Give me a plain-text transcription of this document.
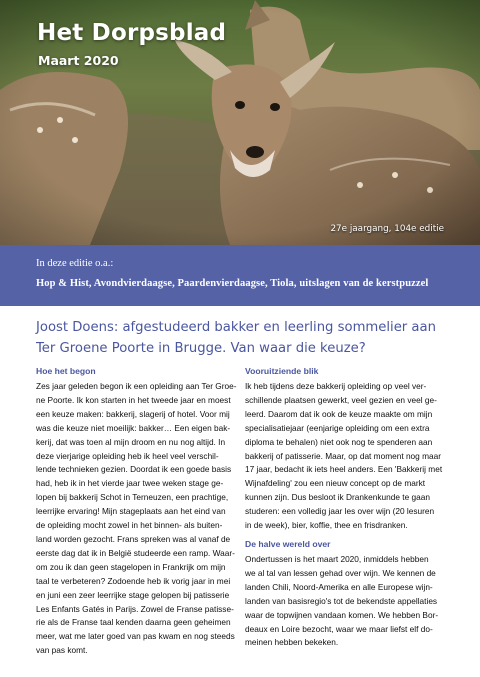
Het Dorpsblad
Maart 2020
27e jaargang, 104e editie
In deze editie o.a.:
Hop & Hist, Avondvierdaagse, Paardenvierdaagse, Tiola, uitslagen van de kerstpuzzel
Joost Doens: afgestudeerd bakker en leerling sommelier aan
Ter Groene Poorte in Brugge. Van waar die keuze?
Hoe het begon

Zes jaar geleden begon ik een opleiding aan Ter Groe-
ne Poorte. Ik kon starten in het tweede jaar en moest
een keuze maken: bakkerij, slagerij of hotel. Voor mij
was die keuze niet moeilijk: bakker… Een eigen bak-
kerij, dat was toen al mijn droom en nu nog altijd. In
deze vierjarige opleiding heb ik heel veel verschil-
lende technieken gezien. Doordat ik een goede basis
had, heb ik in het vierde jaar twee weken stage ge-
lopen bij bakkerij Schot in Terneuzen, een prachtige,
leerrijke ervaring! Mijn stageplaats aan het eind van
de opleiding mocht zowel in het binnen- als buiten-
land worden gezocht. Frans spreken was al vanaf de
eerste dag dat ik in België studeerde een ramp. Waar-
om zou ik dan geen stagelopen in Frankrijk om mijn
taal te verbeteren? Zodoende heb ik vorig jaar in mei
en juni een zeer leerrijke stage gelopen bij patisserie
Les Enfants Gatés in Parijs. Zowel de Franse patisse-
rie als de Franse taal kenden daarna geen geheimen
meer, wat me later goed van pas kwam en nog steeds
van pas komt.

Vooruitziende blik

Ik heb tijdens deze bakkerij opleiding op veel ver-
schillende plaatsen gewerkt, veel gezien en veel ge-
leerd. Daarom dat ik ook de keuze maakte om mijn
specialisatiejaar (eenjarige opleiding om een extra
diploma te behalen) niet ook nog te spenderen aan
bakkerij of patisserie. Maar, op dat moment nog maar
17 jaar, bedacht ik iets heel anders. Een 'Bakkerij met
Wijnafdeling' zou een nieuw concept op de markt
kunnen zijn. Dus besloot ik Drankenkunde te gaan
studeren: een volledig jaar les over wijn (20 lesuren
in de week), bier, koffie, thee en frisdranken.

De halve wereld over

Ondertussen is het maart 2020, inmiddels hebben
we al tal van lessen gehad over wijn. We kennen de
landen Chili, Noord-Amerika en alle Europese wijn-
landen van basisregio's tot de bekendste appellaties
waar de topwijnen vandaan komen. We hebben Bor-
deaux en Loire bezocht, waar we maar liefst elf do-
meinen hebben bekeken.
